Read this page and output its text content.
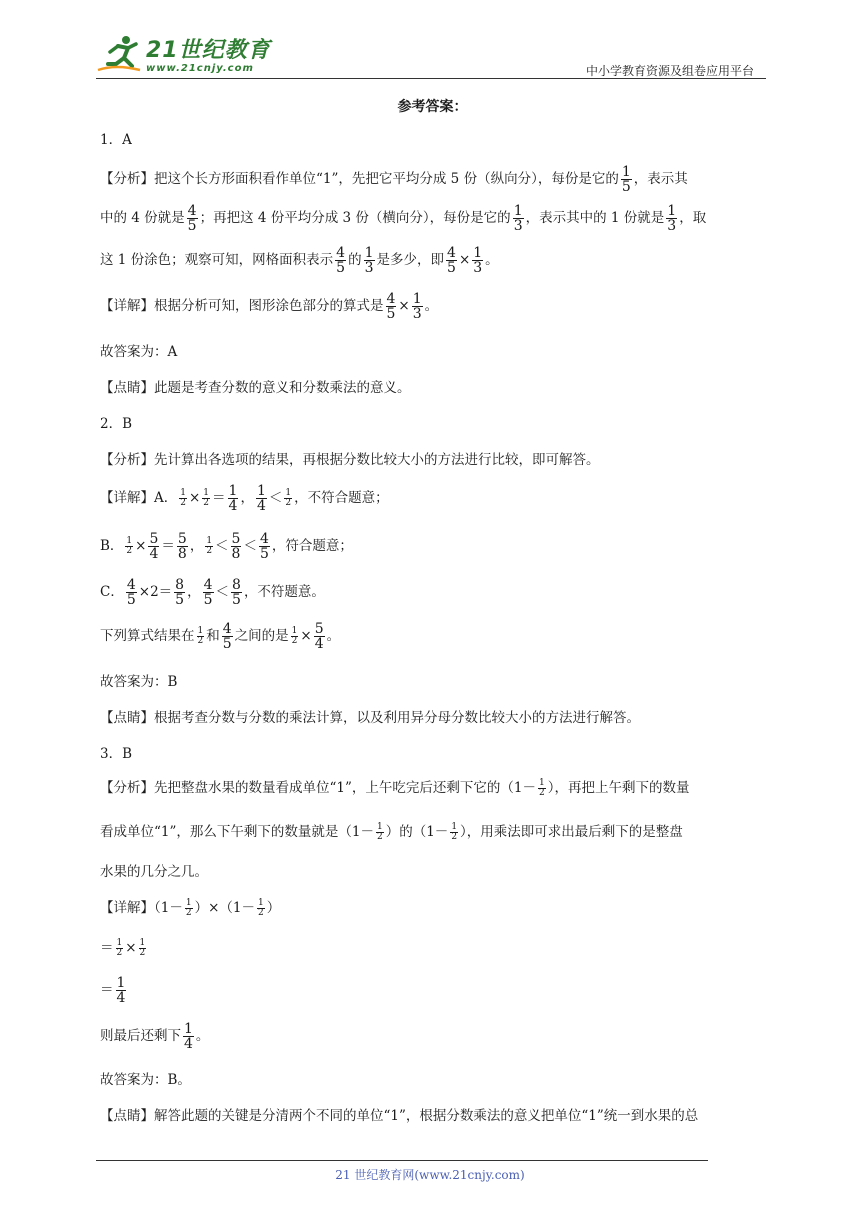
21世纪教育
www.21cnjy.com	中小学教育资源及组卷应用平台
参考答案：
1．A
【分析】把这个长方形面积看作单位“1”，先把它平均分成 5 份（纵向分），每份是它的 $\frac{1}{5}$ ，表示其
中的 4 份就是 $\frac{4}{5}$ ；再把这 4 份平均分成 3 份（横向分），每份是它的 $\frac{1}{3}$ ，表示其中的 1 份就是 $\frac{1}{3}$ ，取
这 1 份涂色；观察可知，网格面积表示 $\frac{4}{5}$ 的 $\frac{1}{3}$ 是多少，即 $\frac{4}{5} \times \frac{1}{3}$ 。
【详解】根据分析可知，图形涂色部分的算式是 $\frac{4}{5} \times \frac{1}{3}$ 。
故答案为：A
【点睛】此题是考查分数的意义和分数乘法的意义。
2．B
【分析】先计算出各选项的结果，再根据分数比较大小的方法进行比较，即可解答。
【详解】A． $\frac{1}{2} \times \frac{1}{2} = \frac{1}{4}$ ， $\frac{1}{4} < \frac{1}{2}$ ，不符合题意；
B． $\frac{1}{2} \times \frac{5}{4} = \frac{5}{8}$ ， $\frac{1}{2} < \frac{5}{8} < \frac{4}{5}$ ，符合题意；
C． $\frac{4}{5} \times 2= \frac{8}{5}$ ， $\frac{4}{5} < \frac{8}{5}$ ，不符题意。
下列算式结果在 $\frac{1}{2}$ 和 $\frac{4}{5}$ 之间的是 $\frac{1}{2} \times \frac{5}{4}$ 。
故答案为：B
【点睛】根据考查分数与分数的乘法计算，以及利用异分母分数比较大小的方法进行解答。
3．B
【分析】先把整盘水果的数量看成单位“1”，上午吃完后还剩下它的（$1- \frac{1}{2}$ ），再把上午剩下的数量
看成单位“1”，那么下午剩下的数量就是（$1- \frac{1}{2}$ ）的（$1- \frac{1}{2}$ ），用乘法即可求出最后剩下的是整盘
水果的几分之几。
【详解】$(1- \frac{1}{2} )\times(1- \frac{1}{2}$ ）
＝ $\frac{1}{2} \times \frac{1}{2}$
＝ $\frac{1}{4}$
则最后还剩下 $\frac{1}{4}$ 。
故答案为：B。
【点睛】解答此题的关键是分清两个不同的单位“1”，根据分数乘法的意义把单位“1”统一到水果的总
21 世纪教育网(www.21cnjy.com)
